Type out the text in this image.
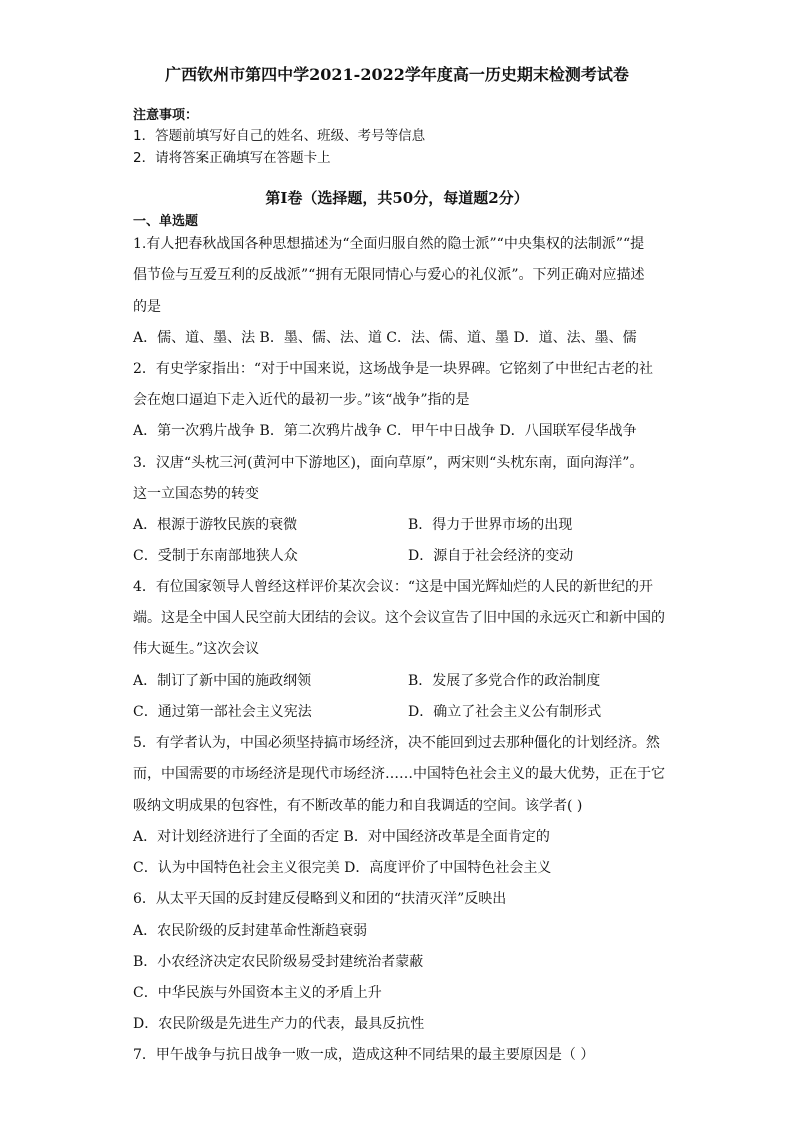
广西钦州市第四中学2021-2022学年度高一历史期末检测考试卷
注意事项：
1．答题前填写好自己的姓名、班级、考号等信息
2．请将答案正确填写在答题卡上
第I卷（选择题，共50分，每道题2分）
一、单选题
1.有人把春秋战国各种思想描述为“全面归服自然的隐士派”“中央集权的法制派”“提
倡节俭与互爱互利的反战派”“拥有无限同情心与爱心的礼仪派”。下列正确对应描述
的是
A．儒、道、墨、法 B．墨、儒、法、道 C．法、儒、道、墨 D．道、法、墨、儒
2．有史学家指出：“对于中国来说，这场战争是一块界碑。它铭刻了中世纪古老的社
会在炮口逼迫下走入近代的最初一步。”该“战争”指的是
A．第一次鸦片战争 B．第二次鸦片战争 C．甲午中日战争 D．八国联军侵华战争
3．汉唐“头枕三河(黄河中下游地区)，面向草原”，两宋则“头枕东南，面向海洋”。
这一立国态势的转变
A．根源于游牧民族的衰微	B．得力于世界市场的出现
C．受制于东南部地狭人众	D．源自于社会经济的变动
4．有位国家领导人曾经这样评价某次会议：“这是中国光辉灿烂的人民的新世纪的开
端。这是全中国人民空前大团结的会议。这个会议宣告了旧中国的永远灭亡和新中国的
伟大诞生。”这次会议
A．制订了新中国的施政纲领	B．发展了多党合作的政治制度
C．通过第一部社会主义宪法	D．确立了社会主义公有制形式
5．有学者认为，中国必须坚持搞市场经济，决不能回到过去那种僵化的计划经济。然
而，中国需要的市场经济是现代市场经济……中国特色社会主义的最大优势，正在于它
吸纳文明成果的包容性，有不断改革的能力和自我调适的空间。该学者( )
A．对计划经济进行了全面的否定 B．对中国经济改革是全面肯定的
C．认为中国特色社会主义很完美 D．高度评价了中国特色社会主义
6．从太平天国的反封建反侵略到义和团的“扶清灭洋”反映出
A．农民阶级的反封建革命性渐趋衰弱
B．小农经济决定农民阶级易受封建统治者蒙蔽
C．中华民族与外国资本主义的矛盾上升
D．农民阶级是先进生产力的代表，最具反抗性
7．甲午战争与抗日战争一败一成，造成这种不同结果的最主要原因是（ ）
